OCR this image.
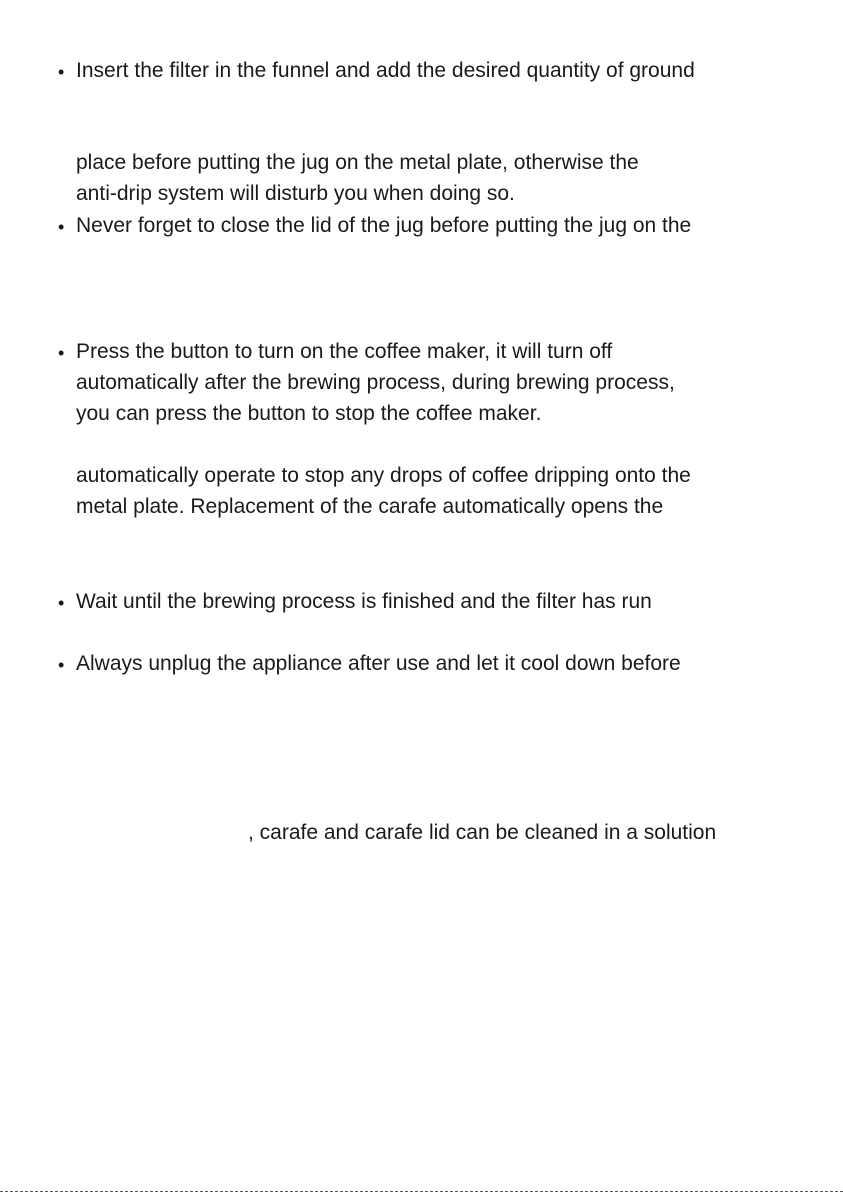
• Insert the filter in the funnel and add the desired quantity of ground
place before putting the jug on the metal plate, otherwise the
anti-drip system will disturb you when doing so.
• Never forget to close the lid of the jug before putting the jug on the
• Press the button to turn on the coffee maker, it will turn off
automatically after the brewing process, during brewing process,
you can press the button to stop the coffee maker.
automatically operate to stop any drops of coffee dripping onto the
metal plate. Replacement of the carafe automatically opens the
• Wait until the brewing process is finished and the filter has run
• Always unplug the appliance after use and let it cool down before
, carafe and carafe lid can be cleaned in a solution
